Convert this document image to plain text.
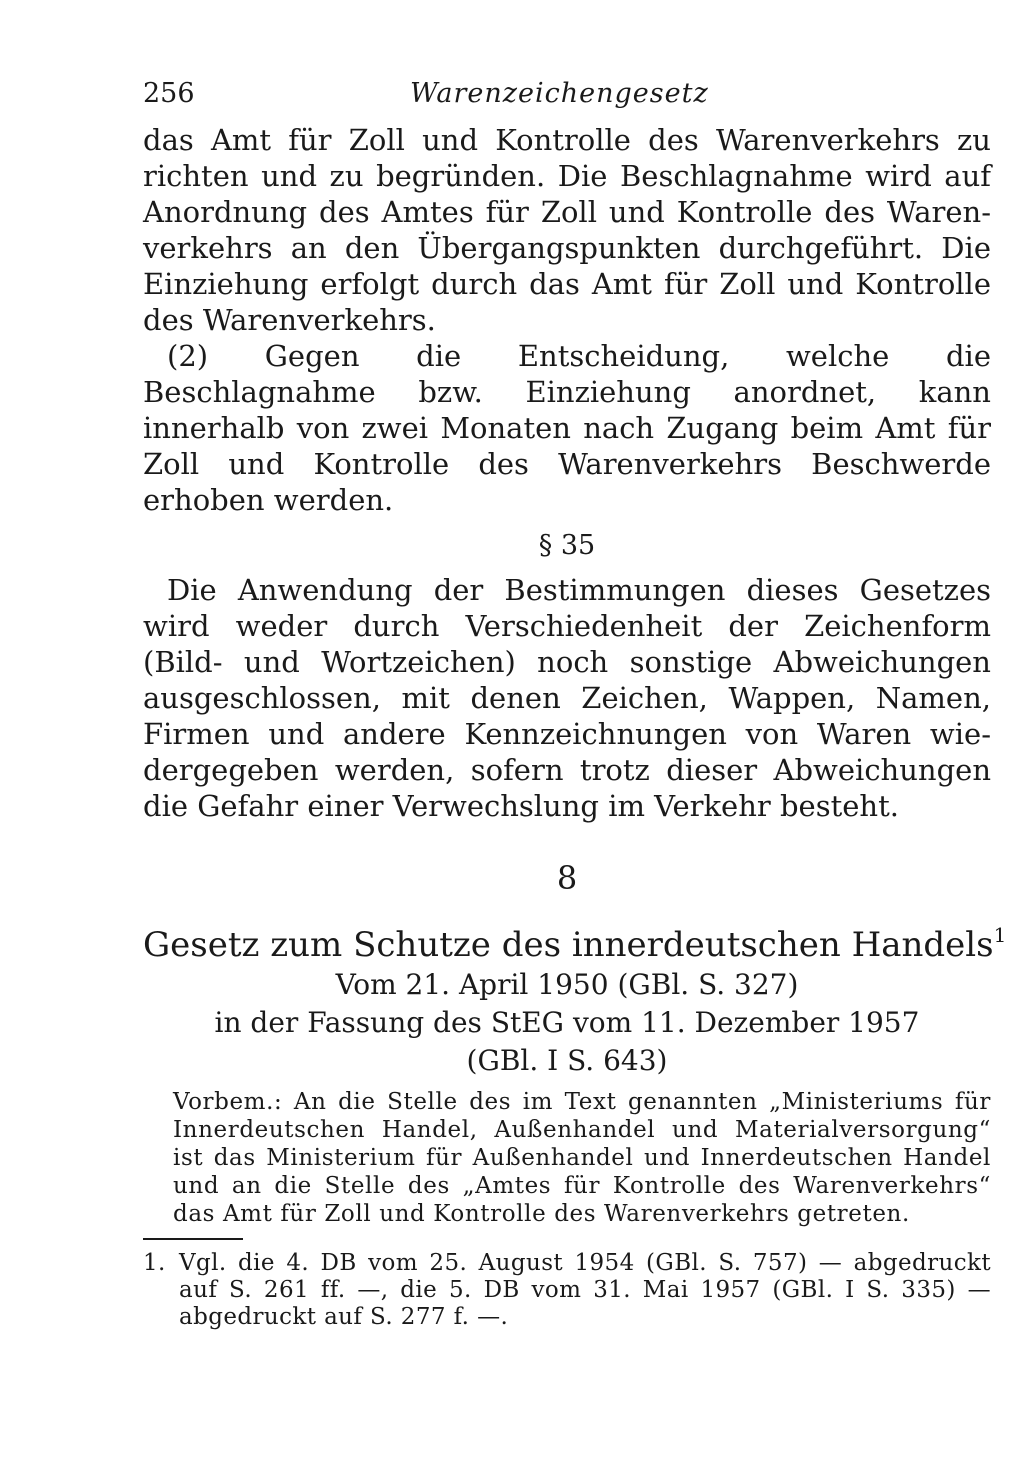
256	Warenzeichengesetz

das Amt für Zoll und Kontrolle des Warenverkehrs zu richten und zu begründen. Die Beschlagnahme wird auf Anordnung des Amtes für Zoll und Kontrolle des Warenverkehrs an den Übergangspunkten durchgeführt. Die Einziehung erfolgt durch das Amt für Zoll und Kontrolle des Warenverkehrs.

(2) Gegen die Entscheidung, welche die Beschlagnahme bzw. Einziehung anordnet, kann innerhalb von zwei Monaten nach Zugang beim Amt für Zoll und Kontrolle des Warenverkehrs Beschwerde erhoben werden.

§ 35

Die Anwendung der Bestimmungen dieses Gesetzes wird weder durch Verschiedenheit der Zeichenform (Bild- und Wortzeichen) noch sonstige Abweichungen ausgeschlossen, mit denen Zeichen, Wappen, Namen, Firmen und andere Kennzeichnungen von Waren wiedergegeben werden, sofern trotz dieser Abweichungen die Gefahr einer Verwechslung im Verkehr besteht.

8
Gesetz zum Schutze des innerdeutschen Handels$^1$
Vom 21. April 1950 (GBl. S. 327)
in der Fassung des StEG vom 11. Dezember 1957
(GBl. I S. 643)

Vorbem.: An die Stelle des im Text genannten „Ministeriums für Innerdeutschen Handel, Außenhandel und Materialversorgung“ ist das Ministerium für Außenhandel und Innerdeutschen Handel und an die Stelle des „Amtes für Kontrolle des Warenverkehrs“ das Amt für Zoll und Kontrolle des Warenverkehrs getreten.

1. Vgl. die 4. DB vom 25. August 1954 (GBl. S. 757) — abgedruckt auf S. 261 ff. —, die 5. DB vom 31. Mai 1957 (GBl. I S. 335) — abgedruckt auf S. 277 f. —.
